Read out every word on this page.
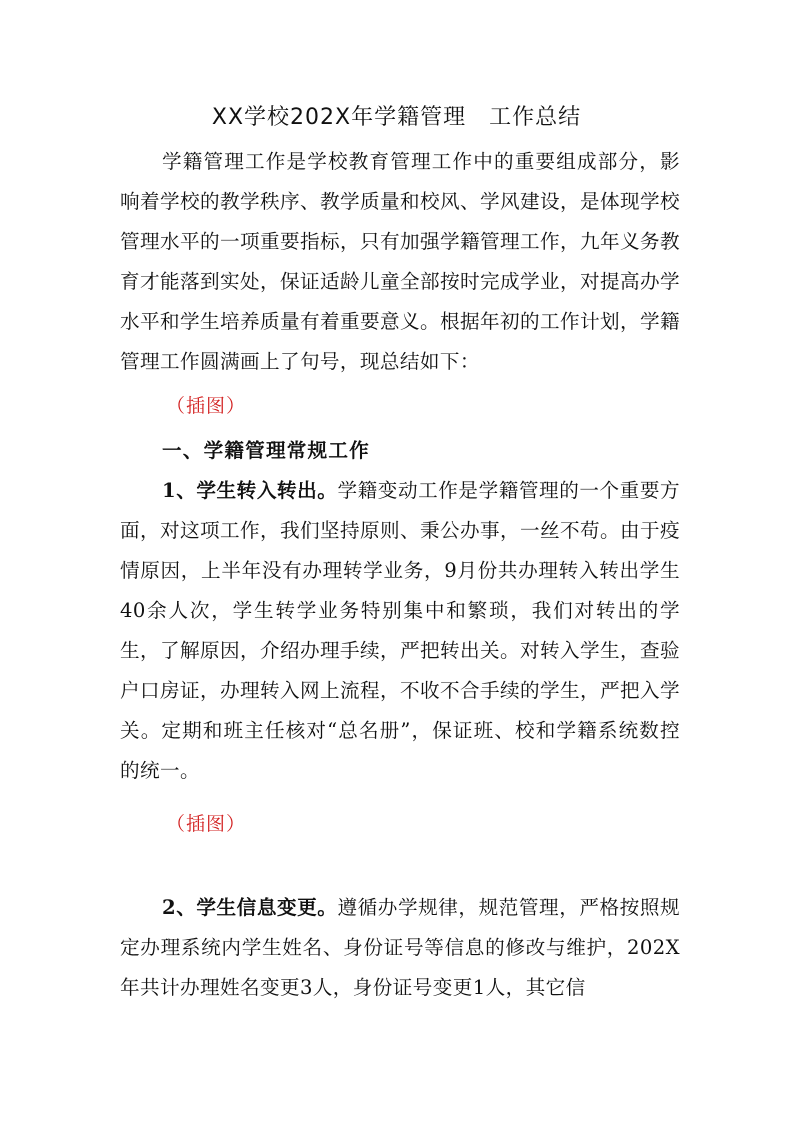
XX学校202X年学籍管理　工作总结

学籍管理工作是学校教育管理工作中的重要组成部分，影响着学校的教学秩序、教学质量和校风、学风建设，是体现学校管理水平的一项重要指标，只有加强学籍管理工作，九年义务教育才能落到实处，保证适龄儿童全部按时完成学业，对提高办学水平和学生培养质量有着重要意义。根据年初的工作计划，学籍管理工作圆满画上了句号，现总结如下：

（插图）
一、学籍管理常规工作

1、学生转入转出。学籍变动工作是学籍管理的一个重要方面，对这项工作，我们坚持原则、秉公办事，一丝不苟。由于疫情原因，上半年没有办理转学业务，9月份共办理转入转出学生40余人次，学生转学业务特别集中和繁琐，我们对转出的学生，了解原因，介绍办理手续，严把转出关。对转入学生，查验户口房证，办理转入网上流程，不收不合手续的学生，严把入学关。定期和班主任核对“总名册”，保证班、校和学籍系统数控的统一。

（插图）

2、学生信息变更。遵循办学规律，规范管理，严格按照规定办理系统内学生姓名、身份证号等信息的修改与维护，202X年共计办理姓名变更3人，身份证号变更1人，其它信
